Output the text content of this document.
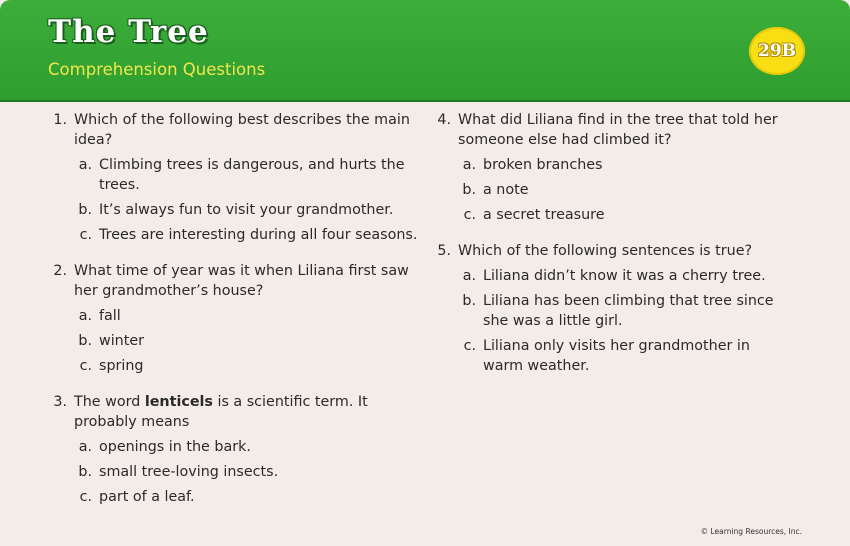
The Tree
Comprehension Questions
29B
1. Which of the following best describes the main idea?
a. Climbing trees is dangerous, and hurts the trees.
b. It’s always fun to visit your grandmother.
c. Trees are interesting during all four seasons.
2. What time of year was it when Liliana first saw her grandmother’s house?
a. fall
b. winter
c. spring
3. The word lenticels is a scientific term. It probably means
a. openings in the bark.
b. small tree-loving insects.
c. part of a leaf.
4. What did Liliana find in the tree that told her someone else had climbed it?
a. broken branches
b. a note
c. a secret treasure
5. Which of the following sentences is true?
a. Liliana didn’t know it was a cherry tree.
b. Liliana has been climbing that tree since she was a little girl.
c. Liliana only visits her grandmother in warm weather.
© Learning Resources, Inc.
